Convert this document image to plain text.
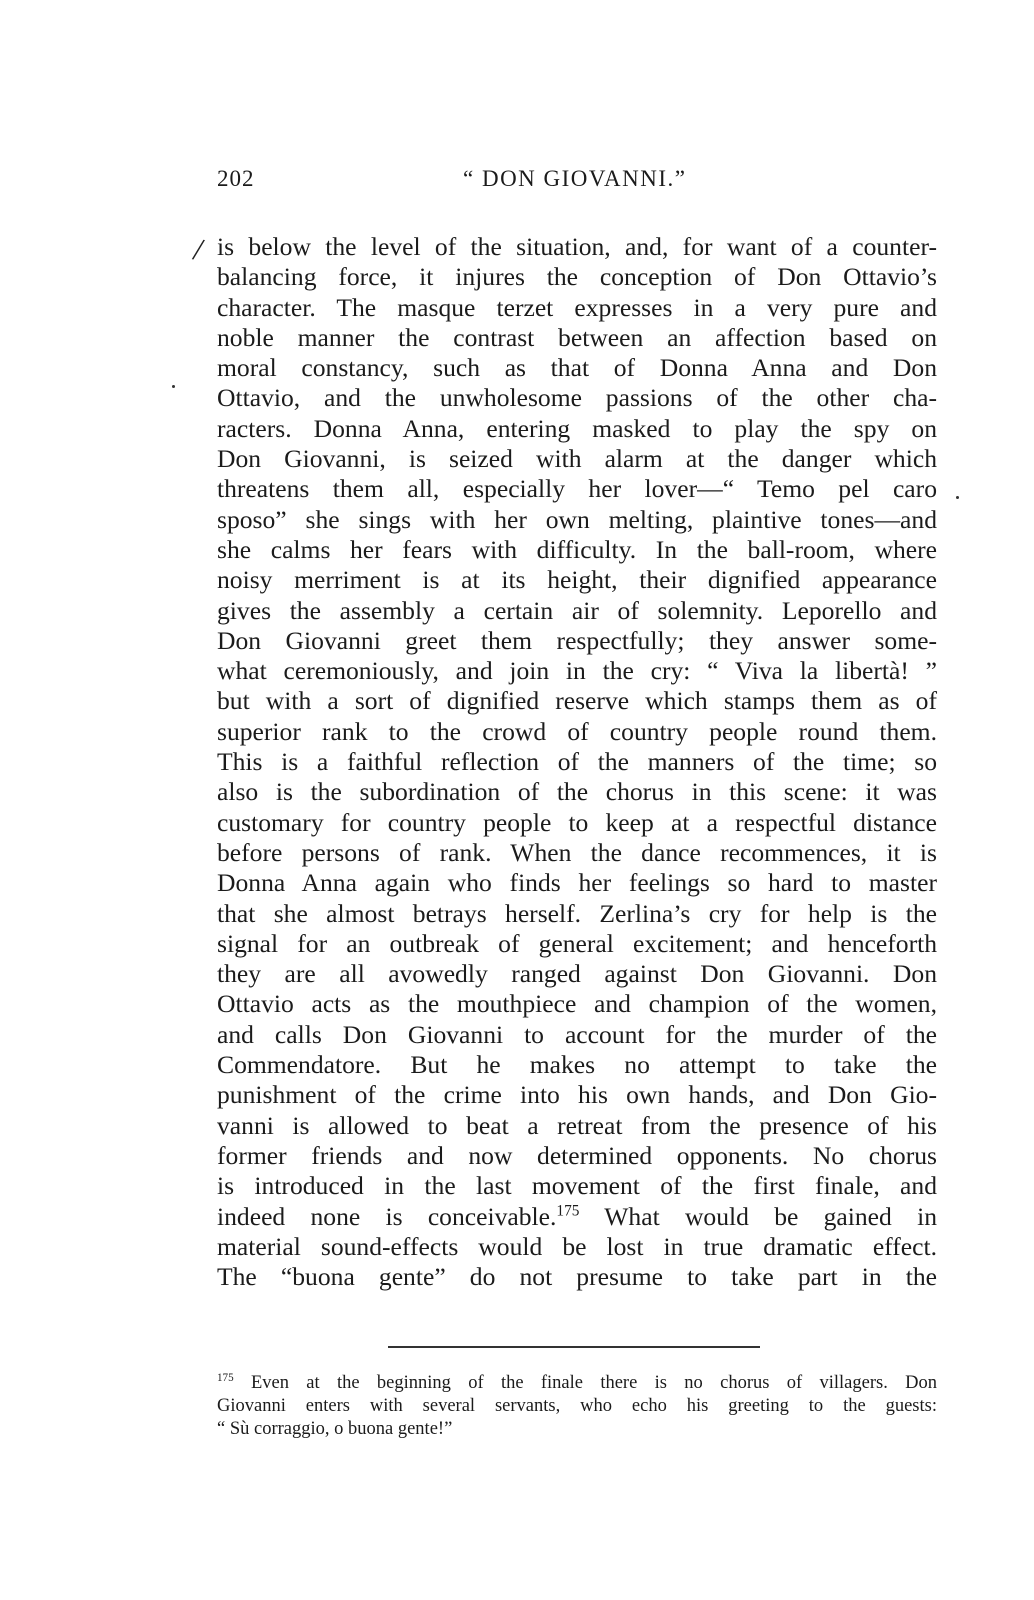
202	“ DON GIOVANNI.”
/ is below the level of the situation, and, for want of a counter-
balancing force, it injures the conception of Don Ottavio’s
character. The masque terzet expresses in a very pure and
noble manner the contrast between an affection based on
moral constancy, such as that of Donna Anna and Don
Ottavio, and the unwholesome passions of the other cha-
racters. Donna Anna, entering masked to play the spy on
Don Giovanni, is seized with alarm at the danger which
threatens them all, especially her lover—“ Temo pel caro
sposo” she sings with her own melting, plaintive tones—and
she calms her fears with difficulty. In the ball-room, where
noisy merriment is at its height, their dignified appearance
gives the assembly a certain air of solemnity. Leporello and
Don Giovanni greet them respectfully; they answer some-
what ceremoniously, and join in the cry: “ Viva la libertà! ”
but with a sort of dignified reserve which stamps them as of
superior rank to the crowd of country people round them.
This is a faithful reflection of the manners of the time; so
also is the subordination of the chorus in this scene: it was
customary for country people to keep at a respectful distance
before persons of rank. When the dance recommences, it is
Donna Anna again who finds her feelings so hard to master
that she almost betrays herself. Zerlina’s cry for help is the
signal for an outbreak of general excitement; and henceforth
they are all avowedly ranged against Don Giovanni. Don
Ottavio acts as the mouthpiece and champion of the women,
and calls Don Giovanni to account for the murder of the
Commendatore. But he makes no attempt to take the
punishment of the crime into his own hands, and Don Gio-
vanni is allowed to beat a retreat from the presence of his
former friends and now determined opponents. No chorus
is introduced in the last movement of the first finale, and
indeed none is conceivable.$^{175}$ What would be gained in
material sound-effects would be lost in true dramatic effect.
The “buona gente” do not presume to take part in the
$^{175}$ Even at the beginning of the finale there is no chorus of villagers. Don
Giovanni enters with several servants, who echo his greeting to the guests:
“ Sù corraggio, o buona gente!”
